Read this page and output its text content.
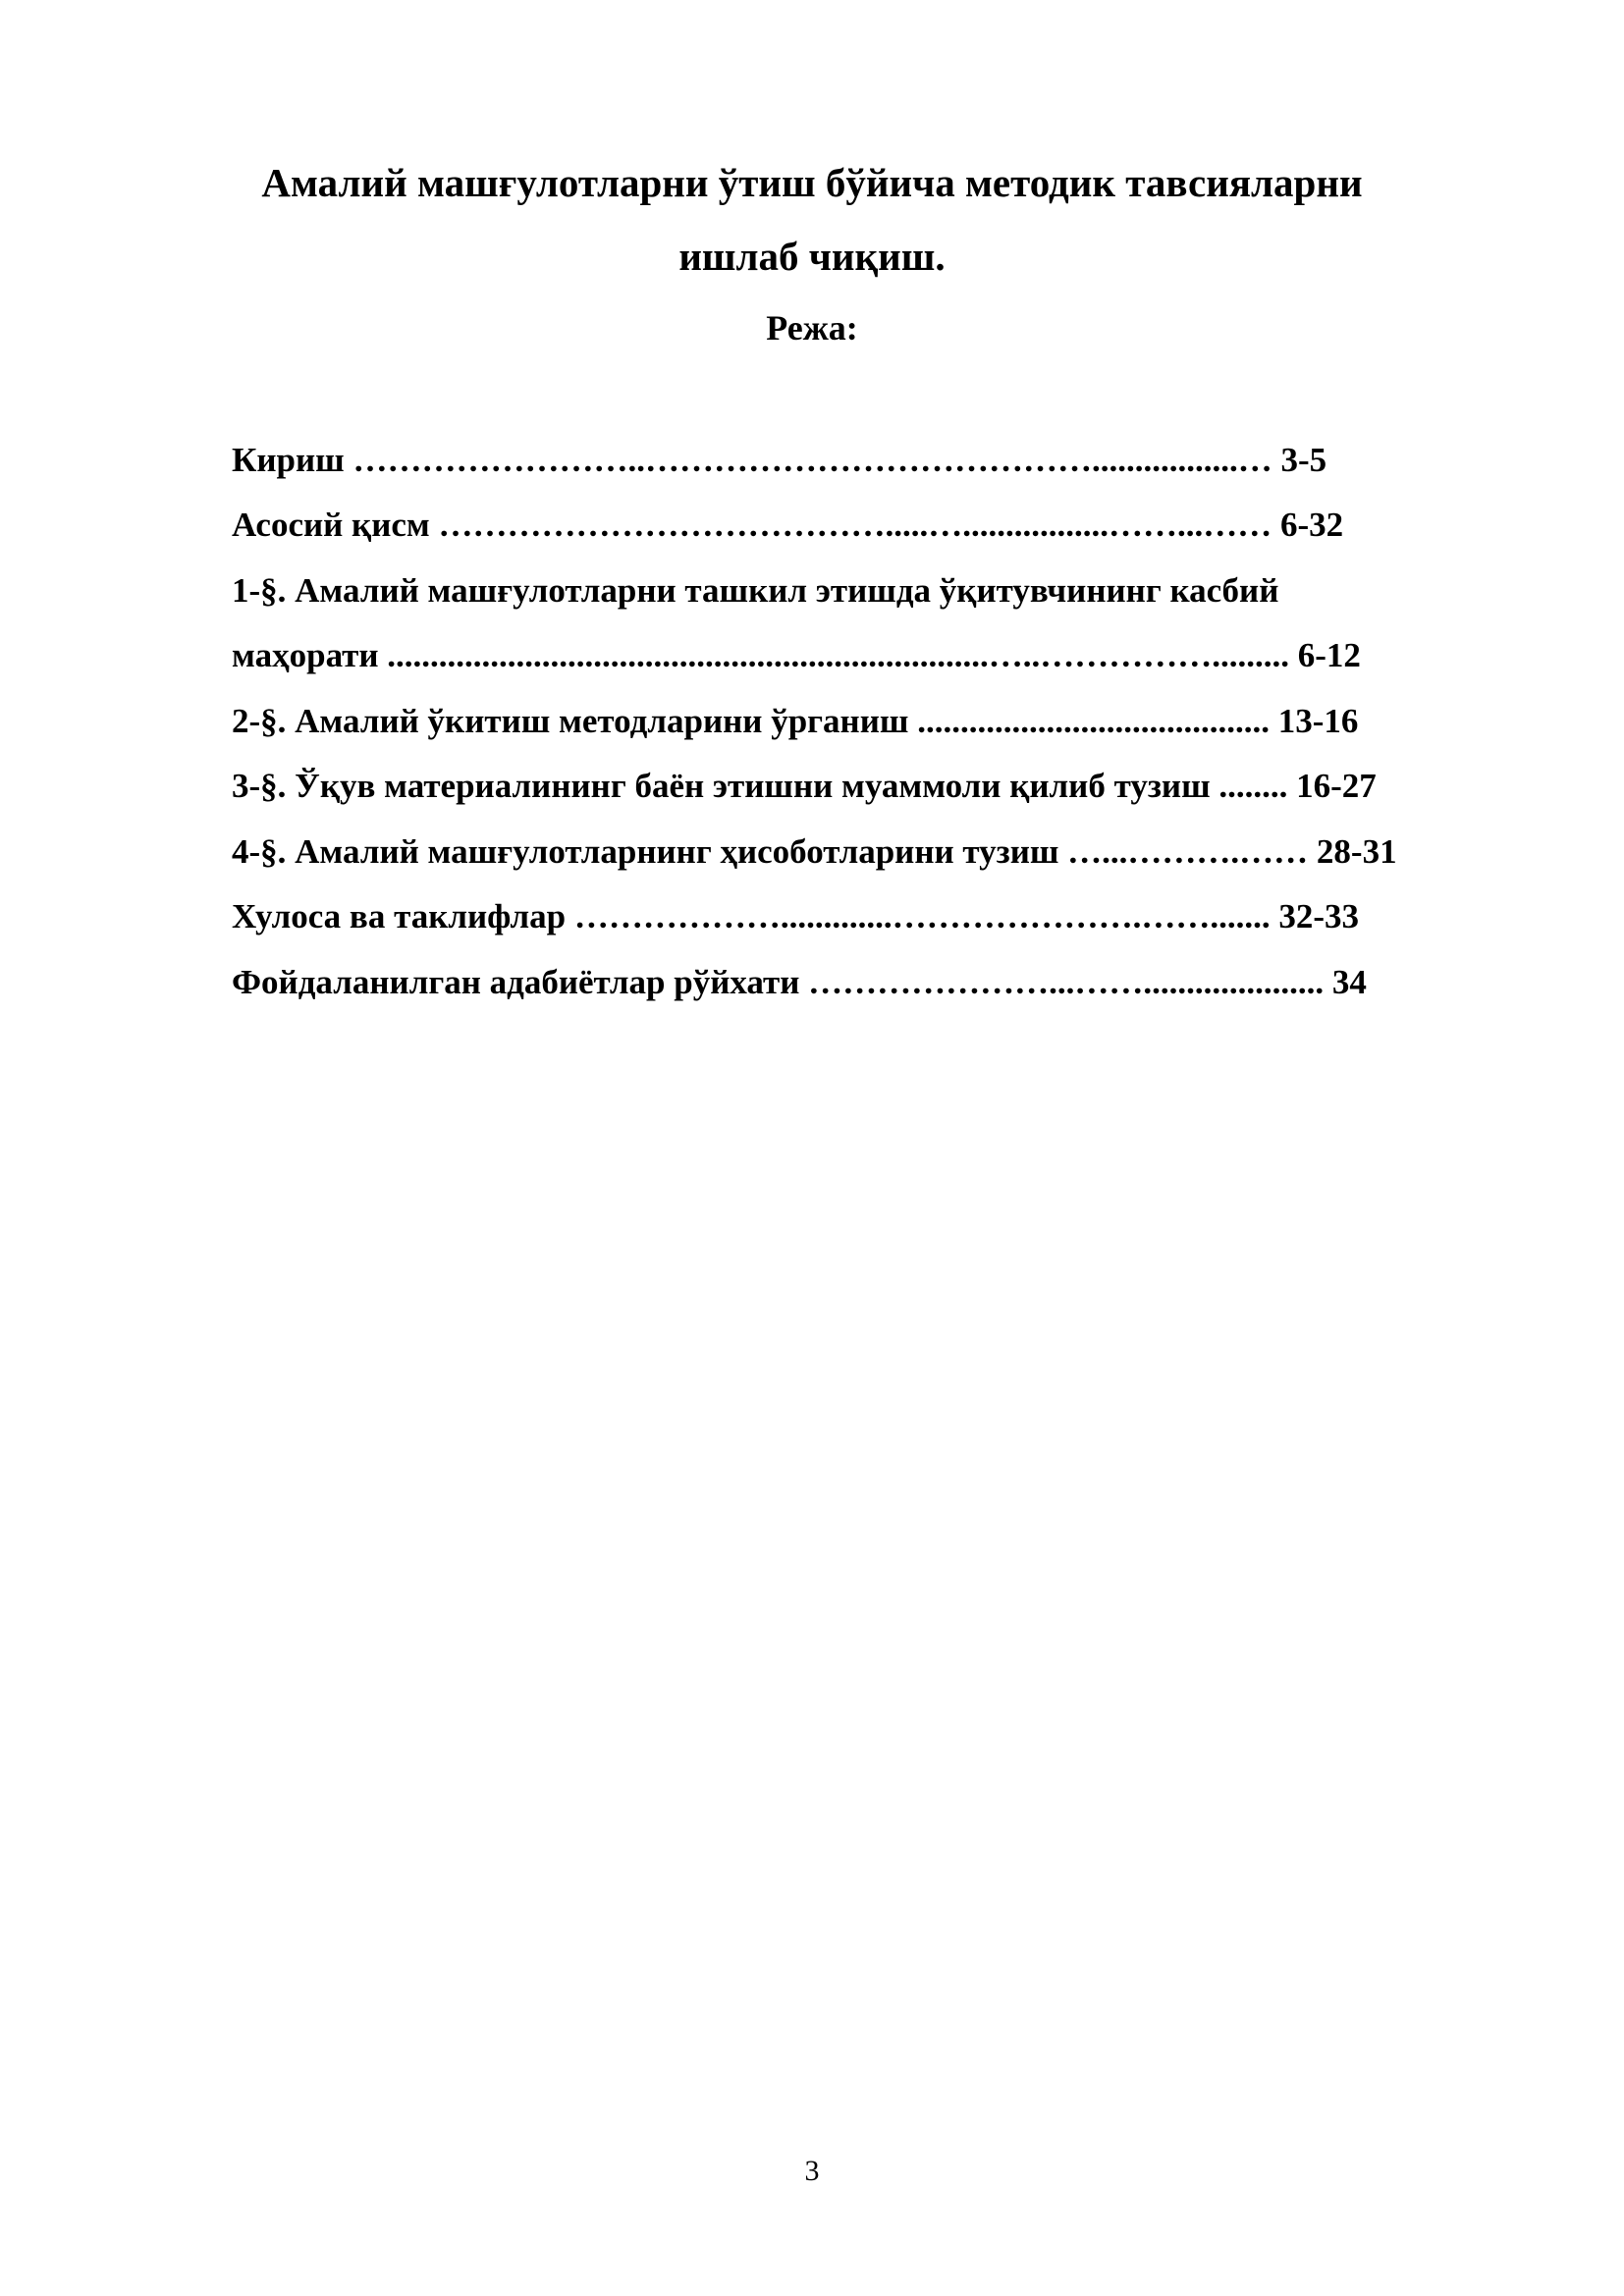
Амалий машғулотларни ўтиш бўйича методик тавсияларни
ишлаб чиқиш.
Режа:
Кириш ……………………..………………………………….................… 3-5
Асосий қисм ………………………………….....….................……...…… 6-32
1-§. Амалий машғулотларни ташкил этишда ўқитувчининг касбий
маҳорати ......................................................................…..……………......... 6-12
2-§. Амалий ўкитиш методларини ўрганиш ......................................... 13-16
3-§. Ўқув материалининг баён этишни муаммоли қилиб тузиш ........ 16-27
4-§. Амалий машғулотларнинг ҳисоботларини тузиш …...……….…… 28-31
Хулоса ва таклифлар ……………….............………………….……....... 32-33
Фойдаланилган адабиётлар рўйхати …………………...……..................... 34
3
